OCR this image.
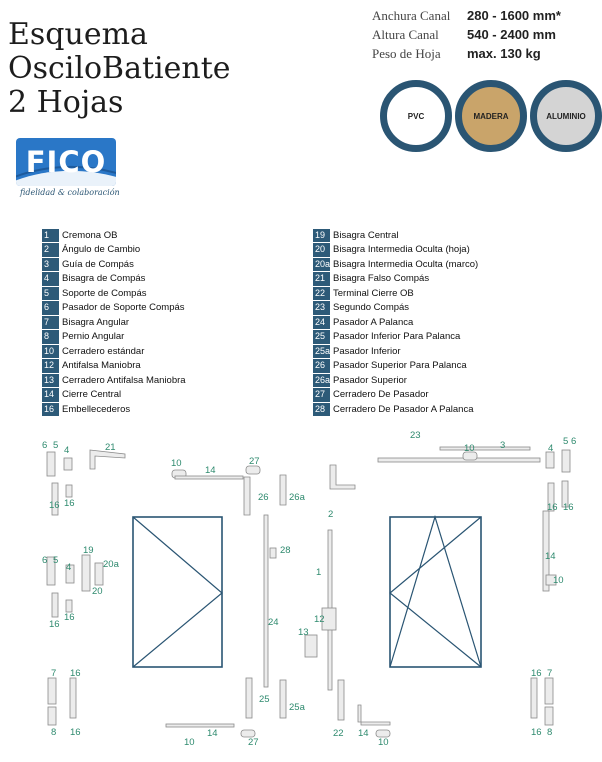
Esquema
OsciloBatiente
2 Hojas
Anchura Canal	280 - 1600 mm*
Altura Canal	540 - 2400 mm
Peso de Hoja	max. 130 kg
PVC	MADERA	ALUMINIO
FICO
fidelidad & colaboración
1	Cremona OB
2	Ángulo de Cambio
3	Guía de Compás
4	Bisagra de Compás
5	Soporte de Compás
6	Pasador de Soporte Compás
7	Bisagra Angular
8	Pernio Angular
10 Cerradero estándar
12 Antifalsa Maniobra
13 Cerradero Antifalsa Maniobra
14 Cierre Central
16 Embellecederos
19 Bisagra Central
20 Bisagra Intermedia Oculta (hoja)
20a Bisagra Intermedia Oculta (marco)
21 Bisagra Falso Compás
22 Terminal Cierre OB
23 Segundo Compás
24 Pasador A Palanca
25 Pasador Inferior Para Palanca
25a Pasador Inferior
26 Pasador Superior Para Palanca
26a Pasador Superior
27 Cerradero De Pasador
28 Cerradero De Pasador A Palanca
6 5 4	21
10
14
27
26 26a
28
6 5
4
19
20a
20
16
16
16 16
24
25
25a
10
14
27
7 16
8 16
1
2
12
13
22 14
10
23
10	3	4
5 6
16 16
14
10
16 7
16 8
